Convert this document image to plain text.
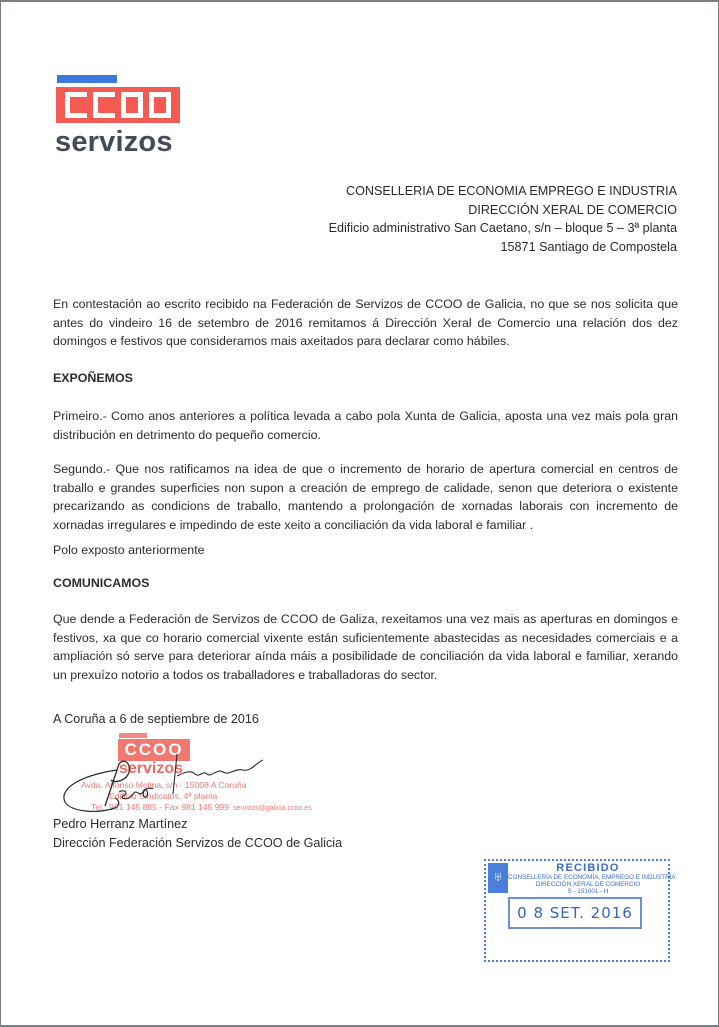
servizos
CONSELLERIA DE ECONOMIA EMPREGO E INDUSTRIA
DIRECCIÓN XERAL DE COMERCIO
Edificio administrativo San Caetano, s/n – bloque 5 – 3ª planta
15871 Santiago de Compostela
En contestación ao escrito recibido na Federación de Servizos de CCOO de Galicia, no que se nos solicita que antes do vindeiro 16 de setembro de 2016 remitamos á Dirección Xeral de Comercio una relación dos dez domingos e festivos que consideramos mais axeitados para declarar como hábiles.
EXPOÑEMOS
Primeiro.- Como anos anteriores a política levada a cabo pola Xunta de Galicia, aposta una vez mais pola gran distribución en detrimento do pequeño comercio.
Segundo.- Que nos ratificamos na idea de que o incremento de horario de apertura comercial en centros de traballo e grandes superficies non supon a creación de emprego de calidade, senon que deteriora o existente precarizando as condicions de traballo, mantendo a prolongación de xornadas laborais con incremento de xornadas irregulares e impedindo de este xeito a conciliación da vida laboral e familiar .
Polo exposto anteriormente
COMUNICAMOS
Que dende a Federación de Servizos de CCOO de Galiza, rexeitamos una vez mais as aperturas en domingos e festivos, xa que co horario comercial vixente están suficientemente abastecidas as necesidades comerciais e a ampliación só serve para deteriorar aínda máis a posibilidade de conciliación da vida laboral e familiar, xerando un prexuízo notorio a todos os traballadores e traballadoras do sector.
A Coruña a 6 de septiembre de 2016
CCOO
servizos
Avda. Alfonso Molina, s/n - 15008 A Coruña
Edificio Sindicatos, 4ª planta
Tel.: 981 145 885 - Fax 981 145 999 servizos@galicia.ccoo.es
Pedro Herranz Martínez
Dirección Federación Servizos de CCOO de Galicia
♅
RECIBIDO
CONSELLERÍA DE ECONOMÍA, EMPREGO E INDUSTRIA
DIRECCIÓN XERAL DE COMERCIO
S - 151001 - H
0 8 SET. 2016
